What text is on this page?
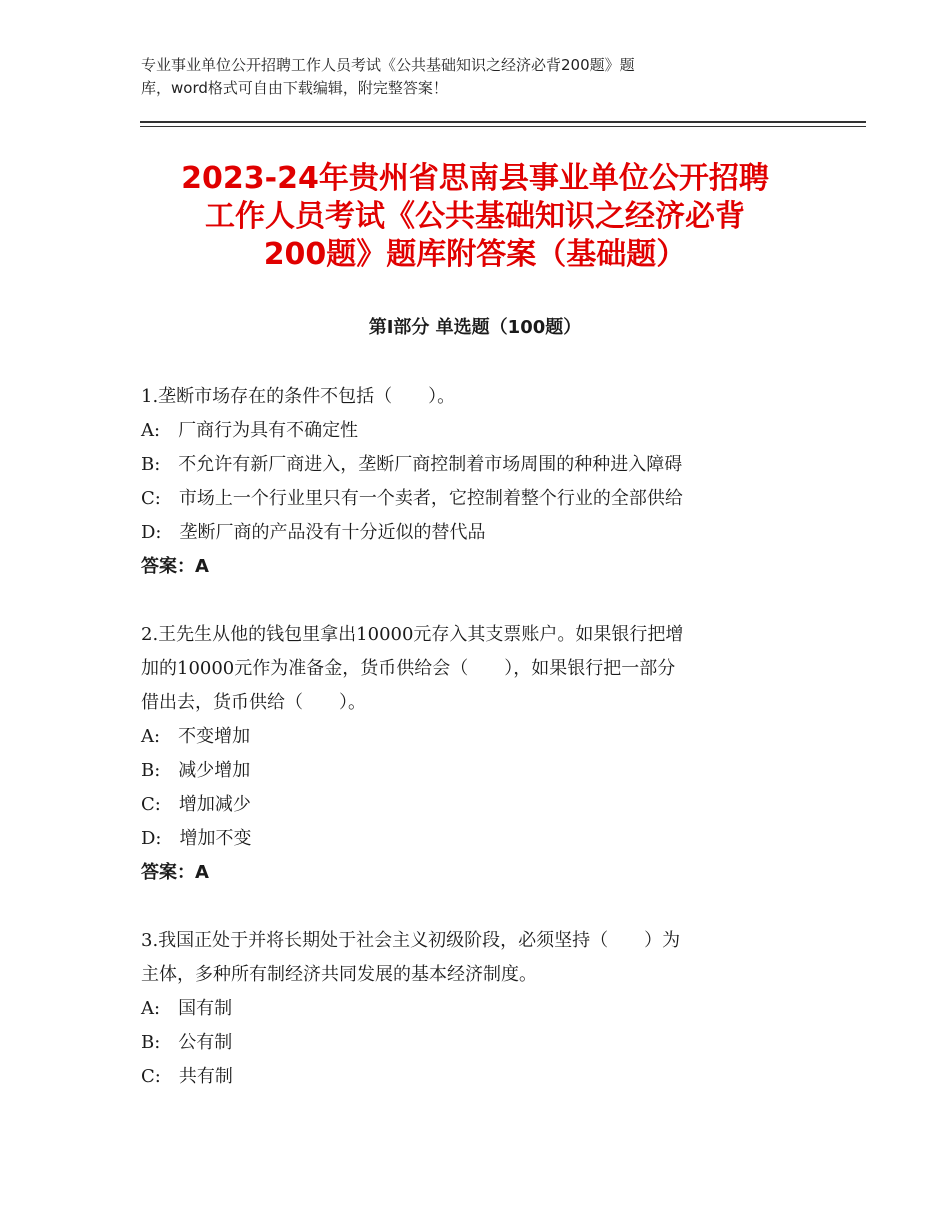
专业事业单位公开招聘工作人员考试《公共基础知识之经济必背200题》题
库，word格式可自由下载编辑，附完整答案！
2023-24年贵州省思南县事业单位公开招聘
工作人员考试《公共基础知识之经济必背
200题》题库附答案（基础题）
第Ⅰ部分 单选题（100题）
1.垄断市场存在的条件不包括（　　）。
A:　厂商行为具有不确定性
B:　不允许有新厂商进入，垄断厂商控制着市场周围的种种进入障碍
C:　市场上一个行业里只有一个卖者，它控制着整个行业的全部供给
D:　垄断厂商的产品没有十分近似的替代品
答案：A
2.王先生从他的钱包里拿出10000元存入其支票账户。如果银行把增
加的10000元作为准备金，货币供给会（　　），如果银行把一部分
借出去，货币供给（　　）。
A:　不变增加
B:　减少增加
C:　增加减少
D:　增加不变
答案：A
3.我国正处于并将长期处于社会主义初级阶段，必须坚持（　　）为
主体，多种所有制经济共同发展的基本经济制度。
A:　国有制
B:　公有制
C:　共有制
